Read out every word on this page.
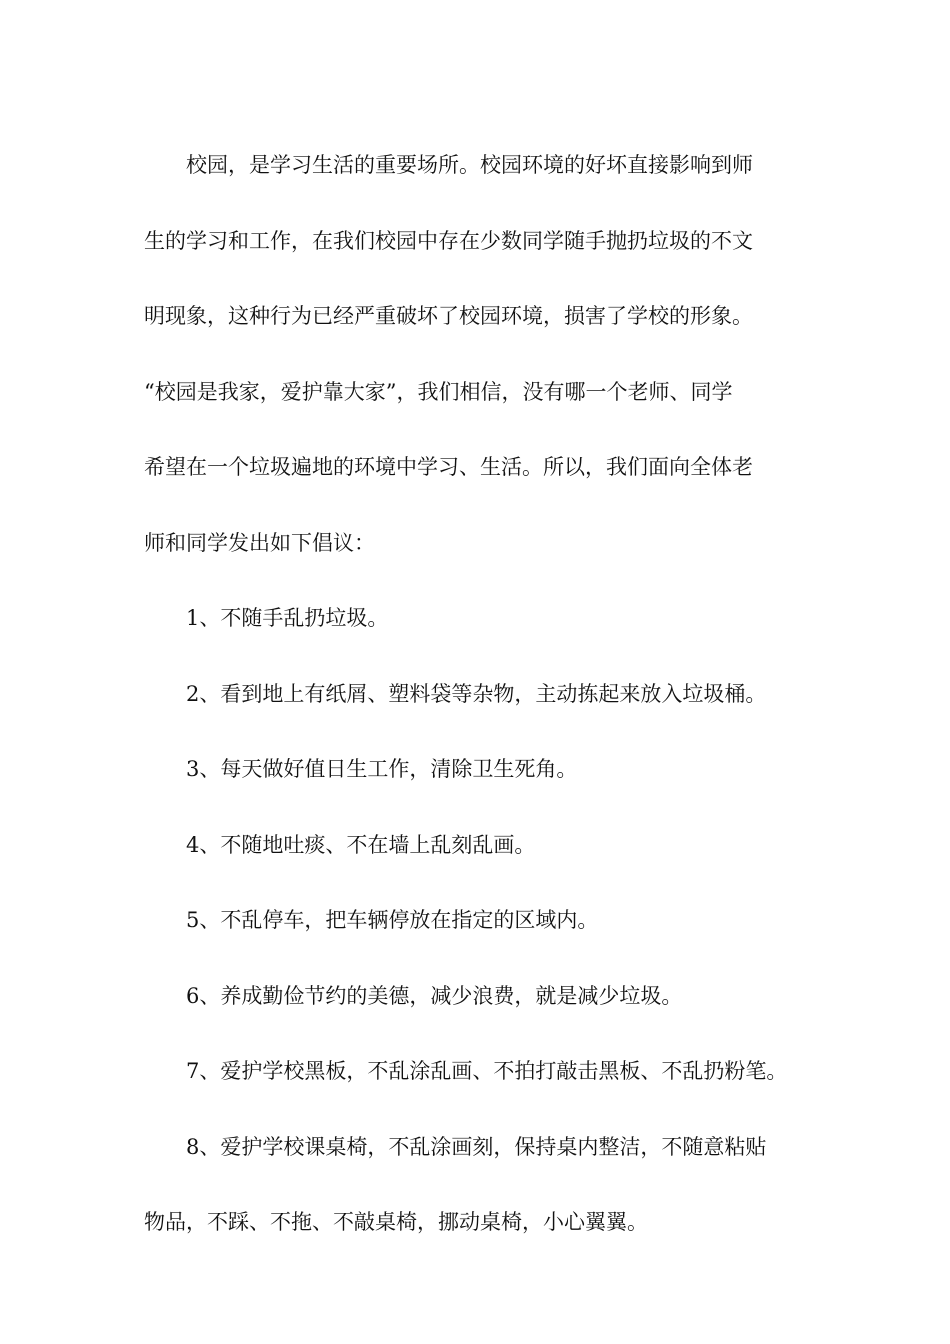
校园，是学习生活的重要场所。校园环境的好坏直接影响到师
生的学习和工作，在我们校园中存在少数同学随手抛扔垃圾的不文
明现象，这种行为已经严重破坏了校园环境，损害了学校的形象。
“校园是我家，爱护靠大家”，我们相信，没有哪一个老师、同学
希望在一个垃圾遍地的环境中学习、生活。所以，我们面向全体老
师和同学发出如下倡议：
1、不随手乱扔垃圾。
2、看到地上有纸屑、塑料袋等杂物，主动拣起来放入垃圾桶。
3、每天做好值日生工作，清除卫生死角。
4、不随地吐痰、不在墙上乱刻乱画。
5、不乱停车，把车辆停放在指定的区域内。
6、养成勤俭节约的美德，减少浪费，就是减少垃圾。
7、爱护学校黑板，不乱涂乱画、不拍打敲击黑板、不乱扔粉笔。
8、爱护学校课桌椅，不乱涂画刻，保持桌内整洁，不随意粘贴
物品，不踩、不拖、不敲桌椅，挪动桌椅，小心翼翼。
